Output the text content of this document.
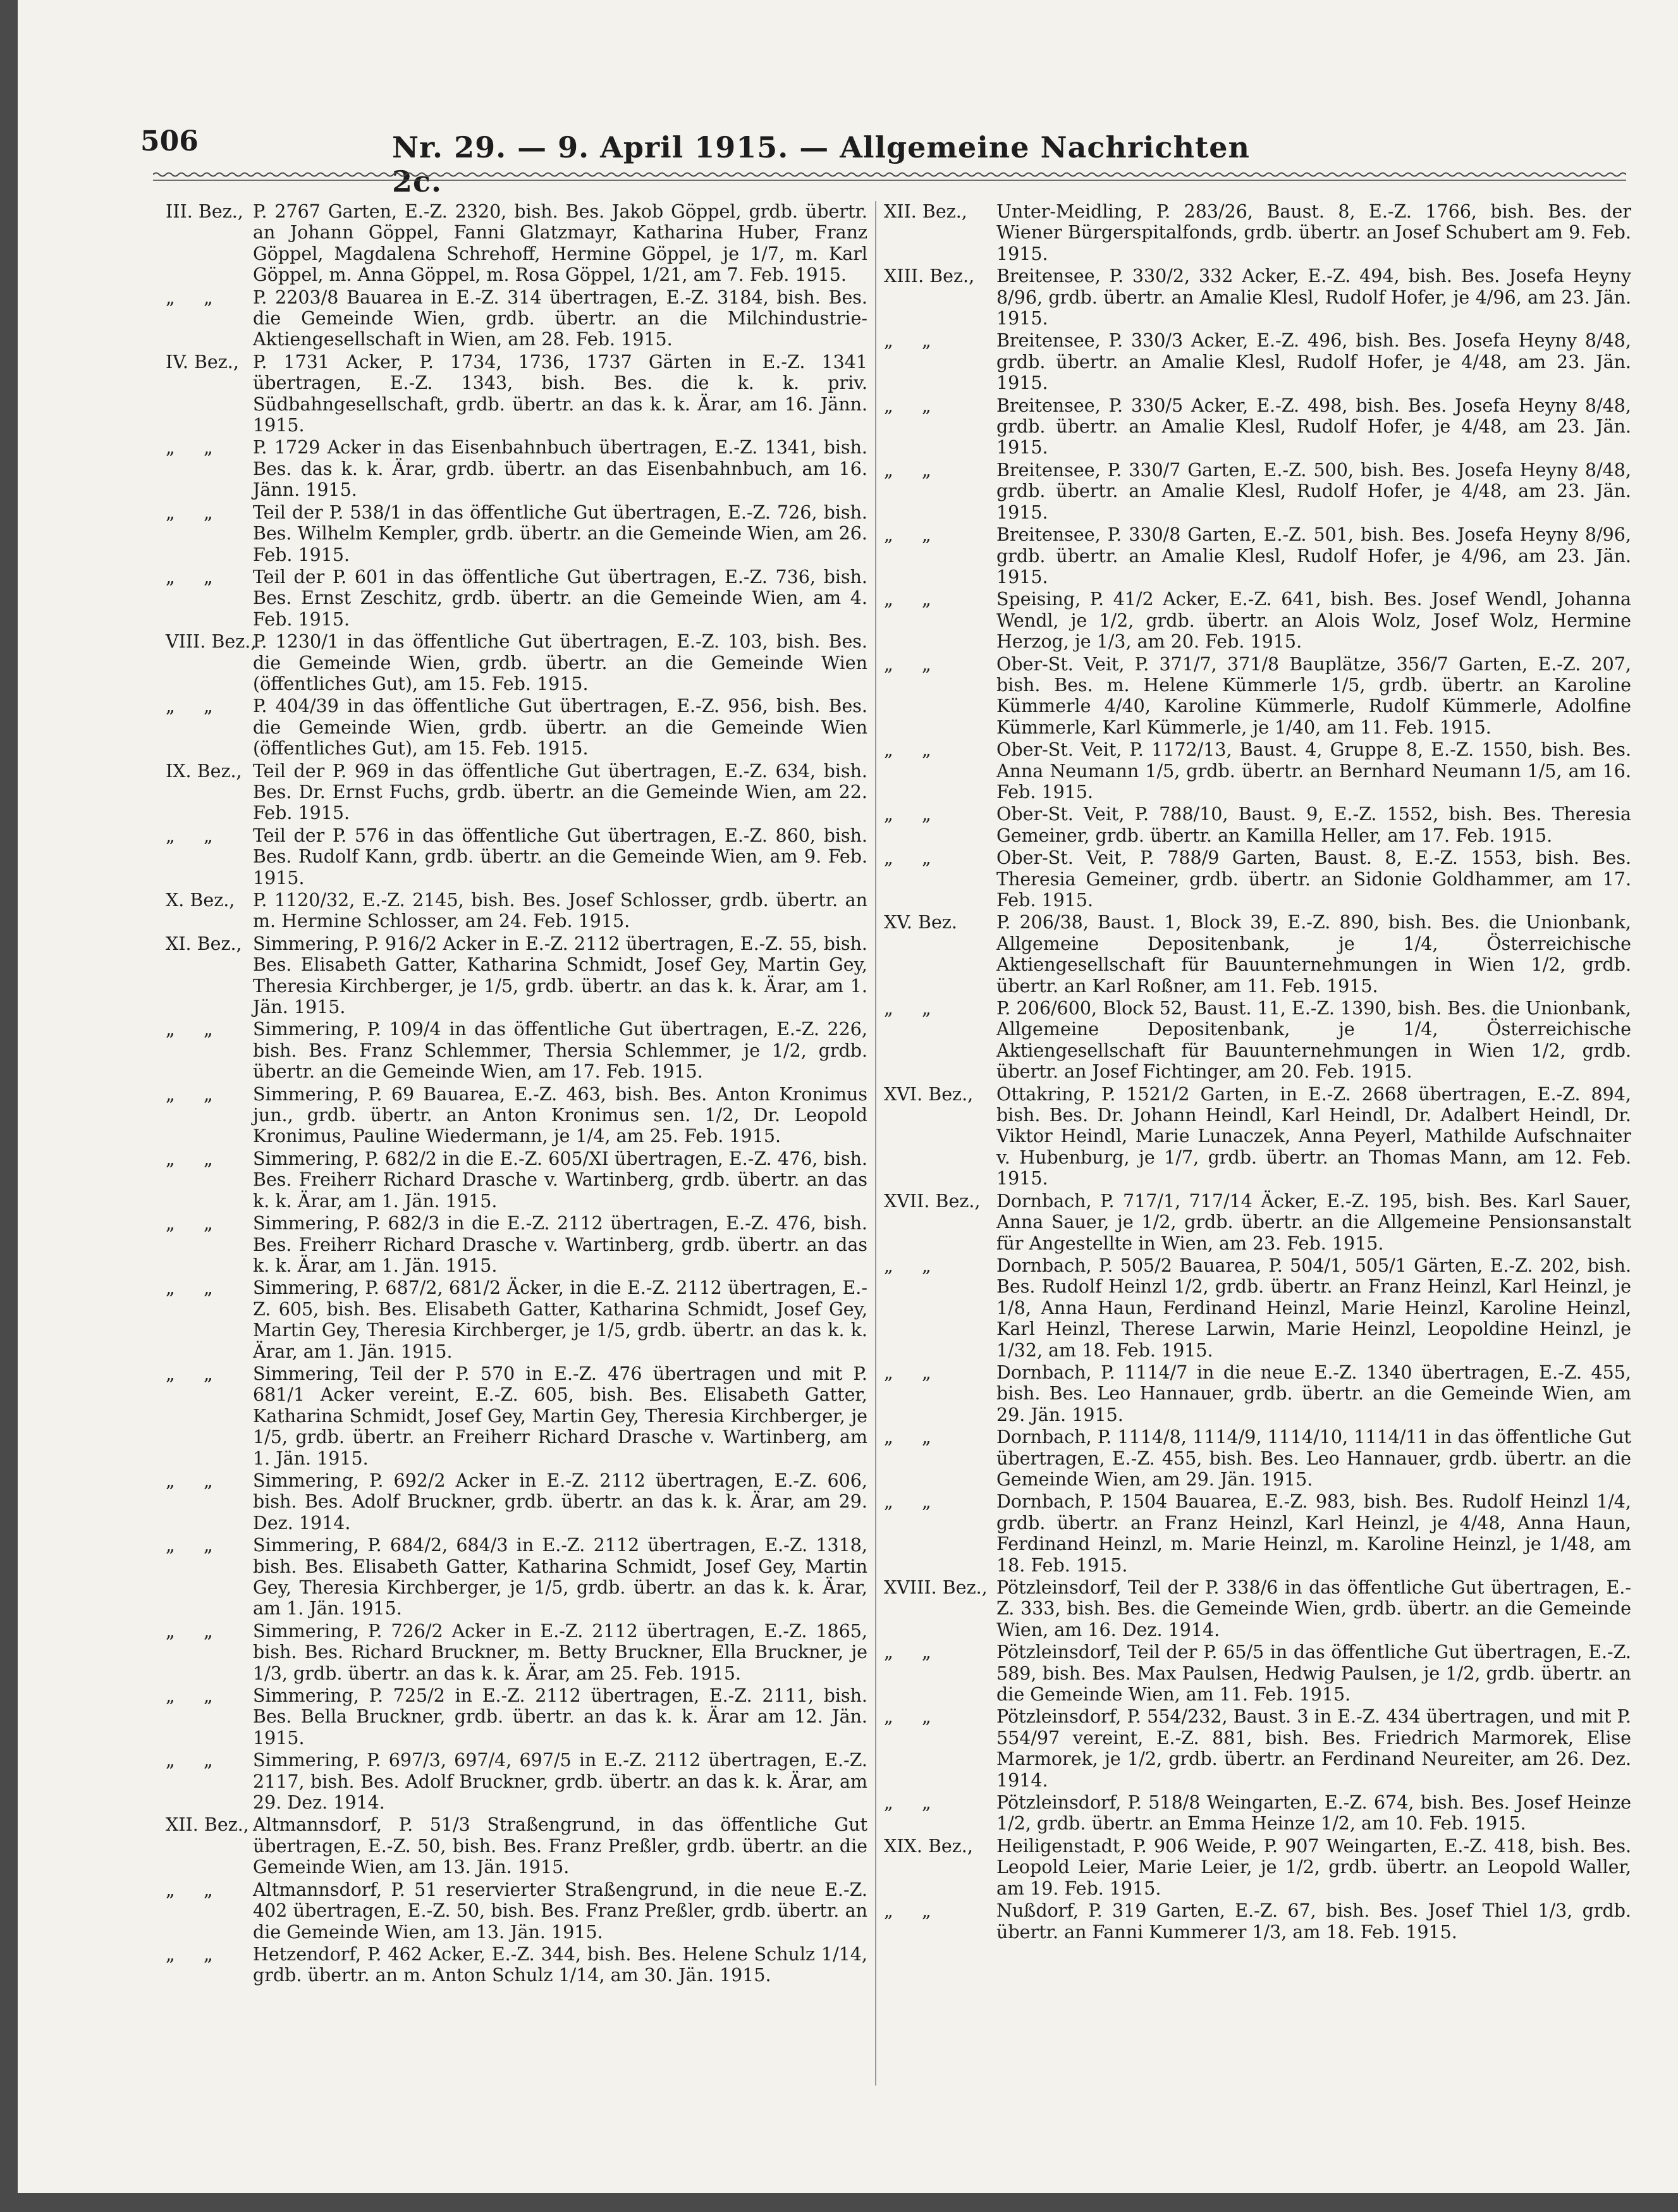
506	Nr. 29. — 9. April 1915. — Allgemeine Nachrichten 2c.
III. Bez., P. 2767 Garten, E.-Z. 2320, bish. Bes. Jakob Göppel, grdb. übertr. an Johann Göppel, Fanni Glatzmayr, Katharina Huber, Franz Göppel, Magdalena Schrehoff, Hermine Göppel, je 1/7, m. Karl Göppel, m. Anna Göppel, m. Rosa Göppel, 1/21, am 7. Feb. 1915.
„     „ P. 2203/8 Bauarea in E.-Z. 314 übertragen, E.-Z. 3184, bish. Bes. die Gemeinde Wien, grdb. übertr. an die Milchindustrie-Aktiengesellschaft in Wien, am 28. Feb. 1915.
IV. Bez., P. 1731 Acker, P. 1734, 1736, 1737 Gärten in E.-Z. 1341 übertragen, E.-Z. 1343, bish. Bes. die k. k. priv. Südbahngesellschaft, grdb. übertr. an das k. k. Ärar, am 16. Jänn. 1915.
„     „ P. 1729 Acker in das Eisenbahnbuch übertragen, E.-Z. 1341, bish. Bes. das k. k. Ärar, grdb. übertr. an das Eisenbahnbuch, am 16. Jänn. 1915.
„     „ Teil der P. 538/1 in das öffentliche Gut übertragen, E.-Z. 726, bish. Bes. Wilhelm Kempler, grdb. übertr. an die Gemeinde Wien, am 26. Feb. 1915.
„     „ Teil der P. 601 in das öffentliche Gut übertragen, E.-Z. 736, bish. Bes. Ernst Zeschitz, grdb. übertr. an die Gemeinde Wien, am 4. Feb. 1915.
VIII. Bez.,
P. 1230/1 in das öffentliche Gut übertragen, E.-Z. 103, bish. Bes. die Gemeinde Wien, grdb. übertr. an die Gemeinde Wien (öffentliches Gut), am 15. Feb. 1915.
„     „ P. 404/39 in das öffentliche Gut übertragen, E.-Z. 956, bish. Bes. die Gemeinde Wien, grdb. übertr. an die Gemeinde Wien (öffentliches Gut), am 15. Feb. 1915.
IX. Bez., Teil der P. 969 in das öffentliche Gut übertragen, E.-Z. 634, bish. Bes. Dr. Ernst Fuchs, grdb. übertr. an die Gemeinde Wien, am 22. Feb. 1915.
„     „ Teil der P. 576 in das öffentliche Gut übertragen, E.-Z. 860, bish. Bes. Rudolf Kann, grdb. übertr. an die Gemeinde Wien, am 9. Feb. 1915.
X. Bez., P. 1120/32, E.-Z. 2145, bish. Bes. Josef Schlosser, grdb. übertr. an m. Hermine Schlosser, am 24. Feb. 1915.
XI. Bez., Simmering, P. 916/2 Acker in E.-Z. 2112 übertragen, E.-Z. 55, bish. Bes. Elisabeth Gatter, Katharina Schmidt, Josef Gey, Martin Gey, Theresia Kirchberger, je 1/5, grdb. übertr. an das k. k. Ärar, am 1. Jän. 1915.
„     „ Simmering, P. 109/4 in das öffentliche Gut übertragen, E.-Z. 226, bish. Bes. Franz Schlemmer, Thersia Schlemmer, je 1/2, grdb. übertr. an die Gemeinde Wien, am 17. Feb. 1915.
„     „ Simmering, P. 69 Bauarea, E.-Z. 463, bish. Bes. Anton Kronimus jun., grdb. übertr. an Anton Kronimus sen. 1/2, Dr. Leopold Kronimus, Pauline Wiedermann, je 1/4, am 25. Feb. 1915.
„     „ Simmering, P. 682/2 in die E.-Z. 605/XI übertragen, E.-Z. 476, bish. Bes. Freiherr Richard Drasche v. Wartinberg, grdb. übertr. an das k. k. Ärar, am 1. Jän. 1915.
„     „ Simmering, P. 682/3 in die E.-Z. 2112 übertragen, E.-Z. 476, bish. Bes. Freiherr Richard Drasche v. Wartinberg, grdb. übertr. an das k. k. Ärar, am 1. Jän. 1915.
„     „ Simmering, P. 687/2, 681/2 Äcker, in die E.-Z. 2112 übertragen, E.-Z. 605, bish. Bes. Elisabeth Gatter, Katharina Schmidt, Josef Gey, Martin Gey, Theresia Kirchberger, je 1/5, grdb. übertr. an das k. k. Ärar, am 1. Jän. 1915.
„     „ Simmering, Teil der P. 570 in E.-Z. 476 übertragen und mit P. 681/1 Acker vereint, E.-Z. 605, bish. Bes. Elisabeth Gatter, Katharina Schmidt, Josef Gey, Martin Gey, Theresia Kirchberger, je 1/5, grdb. übertr. an Freiherr Richard Drasche v. Wartinberg, am 1. Jän. 1915.
„     „ Simmering, P. 692/2 Acker in E.-Z. 2112 übertragen, E.-Z. 606, bish. Bes. Adolf Bruckner, grdb. übertr. an das k. k. Ärar, am 29. Dez. 1914.
„     „ Simmering, P. 684/2, 684/3 in E.-Z. 2112 übertragen, E.-Z. 1318, bish. Bes. Elisabeth Gatter, Katharina Schmidt, Josef Gey, Martin Gey, Theresia Kirchberger, je 1/5, grdb. übertr. an das k. k. Ärar, am 1. Jän. 1915.
„     „ Simmering, P. 726/2 Acker in E.-Z. 2112 übertragen, E.-Z. 1865, bish. Bes. Richard Bruckner, m. Betty Bruckner, Ella Bruckner, je 1/3, grdb. übertr. an das k. k. Ärar, am 25. Feb. 1915.
„     „ Simmering, P. 725/2 in E.-Z. 2112 übertragen, E.-Z. 2111, bish. Bes. Bella Bruckner, grdb. übertr. an das k. k. Ärar am 12. Jän. 1915.
„     „ Simmering, P. 697/3, 697/4, 697/5 in E.-Z. 2112 übertragen, E.-Z. 2117, bish. Bes. Adolf Bruckner, grdb. übertr. an das k. k. Ärar, am 29. Dez. 1914.
XII. Bez., Altmannsdorf, P. 51/3 Straßengrund, in das öffentliche Gut übertragen, E.-Z. 50, bish. Bes. Franz Preßler, grdb. übertr. an die Gemeinde Wien, am 13. Jän. 1915.
„     „ Altmannsdorf, P. 51 reservierter Straßengrund, in die neue E.-Z. 402 übertragen, E.-Z. 50, bish. Bes. Franz Preßler, grdb. übertr. an die Gemeinde Wien, am 13. Jän. 1915.
„     „ Hetzendorf, P. 462 Acker, E.-Z. 344, bish. Bes. Helene Schulz 1/14, grdb. übertr. an m. Anton Schulz 1/14, am 30. Jän. 1915.
XII. Bez., Unter-Meidling, P. 283/26, Baust. 8, E.-Z. 1766, bish. Bes. der Wiener Bürgerspitalfonds, grdb. übertr. an Josef Schubert am 9. Feb. 1915.
XIII. Bez., Breitensee, P. 330/2, 332 Acker, E.-Z. 494, bish. Bes. Josefa Heyny 8/96, grdb. übertr. an Amalie Klesl, Rudolf Hofer, je 4/96, am 23. Jän. 1915.
„     „	Breitensee, P. 330/3 Acker, E.-Z. 496, bish. Bes. Josefa Heyny 8/48, grdb. übertr. an Amalie Klesl, Rudolf Hofer, je 4/48, am 23. Jän. 1915.
„     „	Breitensee, P. 330/5 Acker, E.-Z. 498, bish. Bes. Josefa Heyny 8/48, grdb. übertr. an Amalie Klesl, Rudolf Hofer, je 4/48, am 23. Jän. 1915.
„     „	Breitensee, P. 330/7 Garten, E.-Z. 500, bish. Bes. Josefa Heyny 8/48, grdb. übertr. an Amalie Klesl, Rudolf Hofer, je 4/48, am 23. Jän. 1915.
„     „	Breitensee, P. 330/8 Garten, E.-Z. 501, bish. Bes. Josefa Heyny 8/96, grdb. übertr. an Amalie Klesl, Rudolf Hofer, je 4/96, am 23. Jän. 1915.
„     „	Speising, P. 41/2 Acker, E.-Z. 641, bish. Bes. Josef Wendl, Johanna Wendl, je 1/2, grdb. übertr. an Alois Wolz, Josef Wolz, Hermine Herzog, je 1/3, am 20. Feb. 1915.
„     „	Ober-St. Veit, P. 371/7, 371/8 Bauplätze, 356/7 Garten, E.-Z. 207, bish. Bes. m. Helene Kümmerle 1/5, grdb. übertr. an Karoline Kümmerle 4/40, Karoline Kümmerle, Rudolf Kümmerle, Adolfine Kümmerle, Karl Kümmerle, je 1/40, am 11. Feb. 1915.
„     „	Ober-St. Veit, P. 1172/13, Baust. 4, Gruppe 8, E.-Z. 1550, bish. Bes. Anna Neumann 1/5, grdb. übertr. an Bernhard Neumann 1/5, am 16. Feb. 1915.
„     „	Ober-St. Veit, P. 788/10, Baust. 9, E.-Z. 1552, bish. Bes. Theresia Gemeiner, grdb. übertr. an Kamilla Heller, am 17. Feb. 1915.
„     „	Ober-St. Veit, P. 788/9 Garten, Baust. 8, E.-Z. 1553, bish. Bes. Theresia Gemeiner, grdb. übertr. an Sidonie Goldhammer, am 17. Feb. 1915.
XV. Bez. P. 206/38, Baust. 1, Block 39, E.-Z. 890, bish. Bes. die Unionbank, Allgemeine Depositenbank, je 1/4, Österreichische Aktiengesellschaft für Bauunternehmungen in Wien 1/2, grdb. übertr. an Karl Roßner, am 11. Feb. 1915.
„     „	P. 206/600, Block 52, Baust. 11, E.-Z. 1390, bish. Bes. die Unionbank, Allgemeine Depositenbank, je 1/4, Österreichische Aktiengesellschaft für Bauunternehmungen in Wien 1/2, grdb. übertr. an Josef Fichtinger, am 20. Feb. 1915.
XVI. Bez., Ottakring, P. 1521/2 Garten, in E.-Z. 2668 übertragen, E.-Z. 894, bish. Bes. Dr. Johann Heindl, Karl Heindl, Dr. Adalbert Heindl, Dr. Viktor Heindl, Marie Lunaczek, Anna Peyerl, Mathilde Aufschnaiter v. Hubenburg, je 1/7, grdb. übertr. an Thomas Mann, am 12. Feb. 1915.
XVII. Bez., Dornbach, P. 717/1, 717/14 Äcker, E.-Z. 195, bish. Bes. Karl Sauer, Anna Sauer, je 1/2, grdb. übertr. an die Allgemeine Pensionsanstalt für Angestellte in Wien, am 23. Feb. 1915.
„     „	Dornbach, P. 505/2 Bauarea, P. 504/1, 505/1 Gärten, E.-Z. 202, bish. Bes. Rudolf Heinzl 1/2, grdb. übertr. an Franz Heinzl, Karl Heinzl, je 1/8, Anna Haun, Ferdinand Heinzl, Marie Heinzl, Karoline Heinzl, Karl Heinzl, Therese Larwin, Marie Heinzl, Leopoldine Heinzl, je 1/32, am 18. Feb. 1915.
„     „	Dornbach, P. 1114/7 in die neue E.-Z. 1340 übertragen, E.-Z. 455, bish. Bes. Leo Hannauer, grdb. übertr. an die Gemeinde Wien, am 29. Jän. 1915.
„     „	Dornbach, P. 1114/8, 1114/9, 1114/10, 1114/11 in das öffentliche Gut übertragen, E.-Z. 455, bish. Bes. Leo Hannauer, grdb. übertr. an die Gemeinde Wien, am 29. Jän. 1915.
„     „	Dornbach, P. 1504 Bauarea, E.-Z. 983, bish. Bes. Rudolf Heinzl 1/4, grdb. übertr. an Franz Heinzl, Karl Heinzl, je 4/48, Anna Haun, Ferdinand Heinzl, m. Marie Heinzl, m. Karoline Heinzl, je 1/48, am 18. Feb. 1915.
XVIII. Bez., Pötzleinsdorf, Teil der P. 338/6 in das öffentliche Gut übertragen, E.-Z. 333, bish. Bes. die Gemeinde Wien, grdb. übertr. an die Gemeinde Wien, am 16. Dez. 1914.
„     „	Pötzleinsdorf, Teil der P. 65/5 in das öffentliche Gut übertragen, E.-Z. 589, bish. Bes. Max Paulsen, Hedwig Paulsen, je 1/2, grdb. übertr. an die Gemeinde Wien, am 11. Feb. 1915.
„     „	Pötzleinsdorf, P. 554/232, Baust. 3 in E.-Z. 434 übertragen, und mit P. 554/97 vereint, E.-Z. 881, bish. Bes. Friedrich Marmorek, Elise Marmorek, je 1/2, grdb. übertr. an Ferdinand Neureiter, am 26. Dez. 1914.
„     „	Pötzleinsdorf, P. 518/8 Weingarten, E.-Z. 674, bish. Bes. Josef Heinze 1/2, grdb. übertr. an Emma Heinze 1/2, am 10. Feb. 1915.
XIX. Bez., Heiligenstadt, P. 906 Weide, P. 907 Weingarten, E.-Z. 418, bish. Bes. Leopold Leier, Marie Leier, je 1/2, grdb. übertr. an Leopold Waller, am 19. Feb. 1915.
„     „	Nußdorf, P. 319 Garten, E.-Z. 67, bish. Bes. Josef Thiel 1/3, grdb. übertr. an Fanni Kummerer 1/3, am 18. Feb. 1915.
